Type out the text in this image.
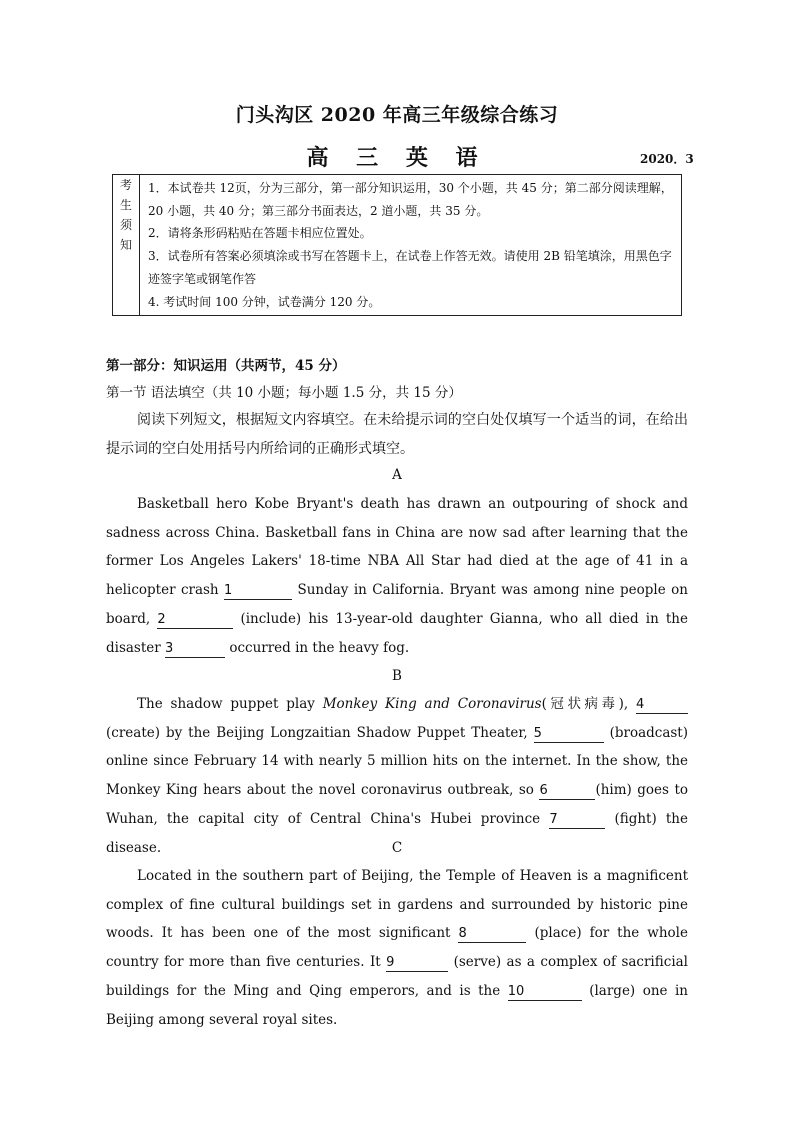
门头沟区 2020 年高三年级综合练习
高 三 英 语	2020．3
考
生
须
知

1．本试卷共 12页，分为三部分，第一部分知识运用，30 个小题，共 45 分；第二部分阅读理解，20 小题，共 40 分；第三部分书面表达，2 道小题，共 35 分。
2．请将条形码粘贴在答题卡相应位置处。
3．试卷所有答案必须填涂或书写在答题卡上，在试卷上作答无效。请使用 2B 铅笔填涂，用黑色字迹签字笔或钢笔作答
4. 考试时间 100 分钟，试卷满分 120 分。
第一部分：知识运用（共两节，45 分）
第一节 语法填空（共 10 小题；每小题 1.5 分，共 15 分）
阅读下列短文，根据短文内容填空。在未给提示词的空白处仅填写一个适当的词，在给出提示词的空白处用括号内所给词的正确形式填空。
A
Basketball hero Kobe Bryant's death has drawn an outpouring of shock and sadness across China. Basketball fans in China are now sad after learning that the former Los Angeles Lakers' 18-time NBA All Star had died at the age of 41 in a helicopter crash 1	Sunday in California. Bryant was among nine people on board, 2	(include) his 13-year-old daughter Gianna, who all died in the disaster 3	occurred in the heavy fog.
B
The shadow puppet play Monkey King and Coronavirus(冠状病毒), 4 (create) by the Beijing Longzaitian Shadow Puppet Theater, 5	(broadcast) online since February 14 with nearly 5 million hits on the internet. In the show, the Monkey King hears about the novel coronavirus outbreak, so 6	(him) goes to Wuhan, the capital city of Central China's Hubei province 7	(fight) the disease.	C
Located in the southern part of Beijing, the Temple of Heaven is a magnificent complex of fine cultural buildings set in gardens and surrounded by historic pine woods. It has been one of the most significant 8	(place) for the whole country for more than five centuries. It 9	(serve) as a complex of sacrificial buildings for the Ming and Qing emperors, and is the 10	(large) one in Beijing among several royal sites.
